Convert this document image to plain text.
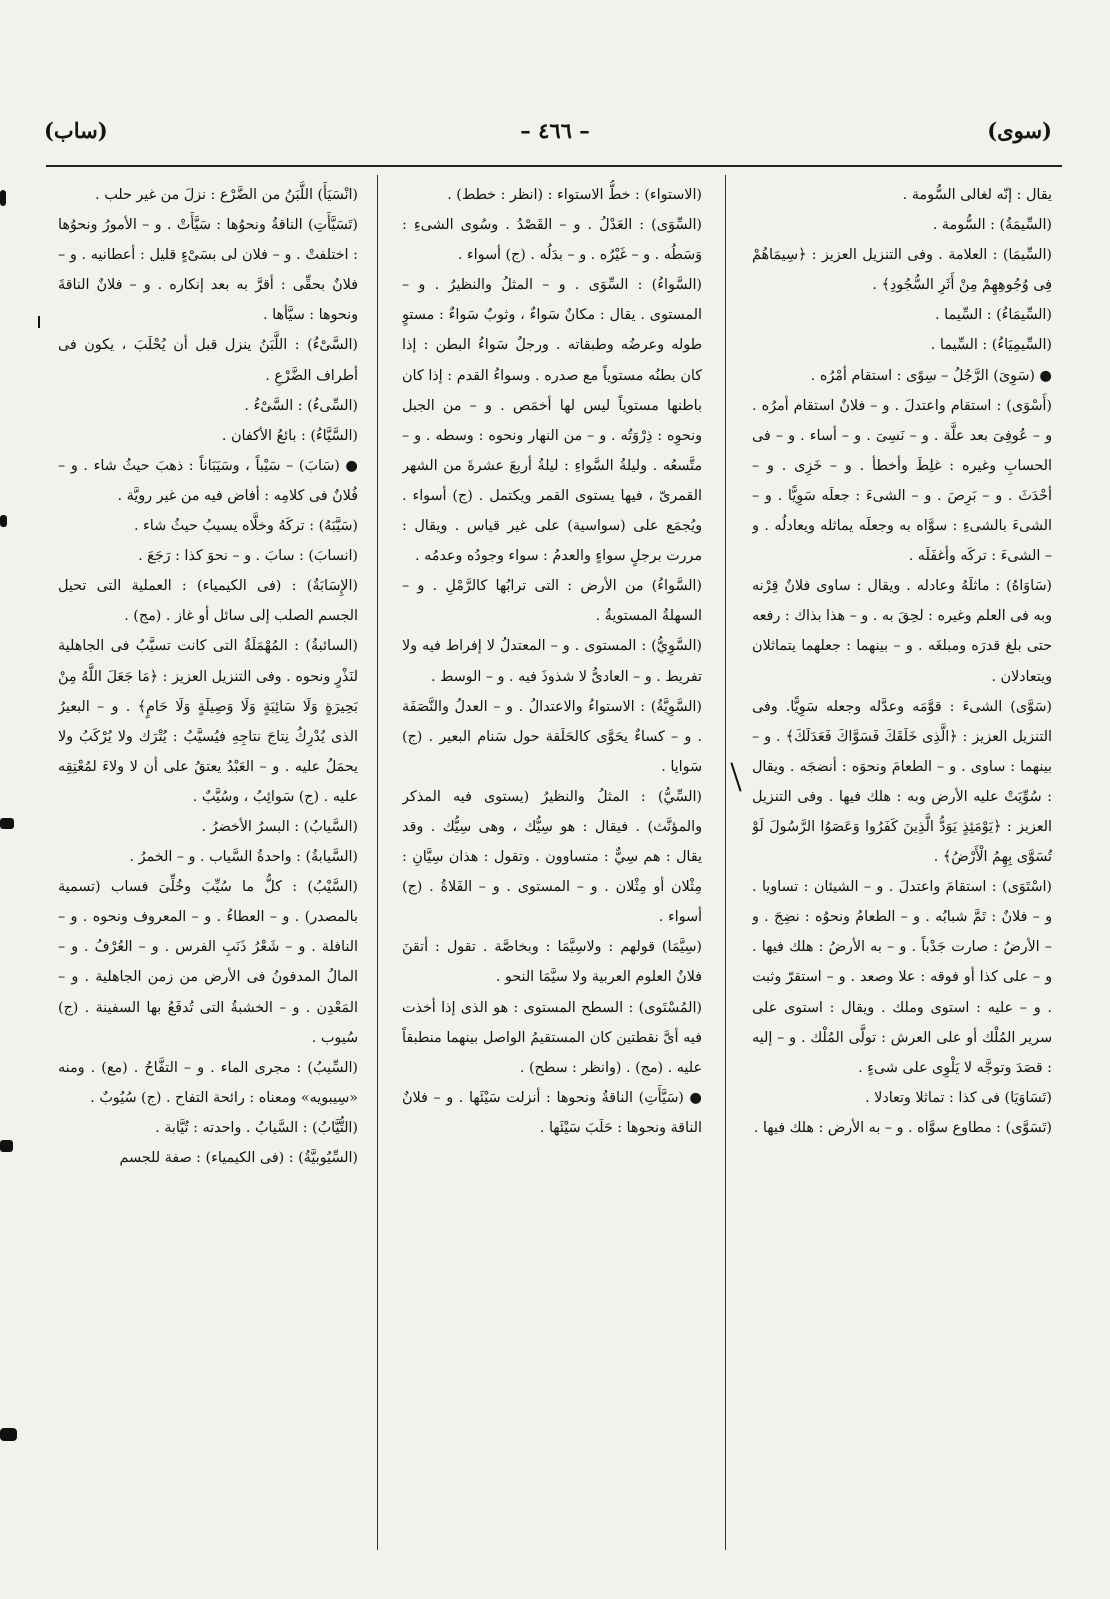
(سوى)
– ٤٦٦ –
(ساب)

يقال : إنّه لغالى السُّومة .

(السِّيمَةُ) : السُّومة .

(السِّيمَا) : العلامة . وفى التنزيل العزيز : ﴿سِيمَاهُمْ فِى وُجُوهِهِمْ مِنْ أَثَرِ السُّجُودِ﴾ .

(السِّيمَاءُ) : السِّيما .

(السِّيمِيَاءُ) : السِّيما .

● (سَوِىَ) الرَّجُلُ – سِوًى : استقام أمْرُه .

(أَسْوَى) : استقام واعتدلَ . و – فلانٌ استقام أمرُه . و – عُوفِىَ بعد علَّة . و – نَسِىَ . و – أساء . و – فى الحسابِ وغيره : غلِطَ وأخطأ . و – خَزِى . و – أحْدَثَ . و – بَرِصَ . و – الشىءَ : جعلَه سَوِيًّا . و – الشىءَ بالشىءِ : سوَّاه به وجعلَه يماثله ويعادلُه . و – الشىءَ : تركَه وأغفَلَه .

(سَاوَاهُ) : ماثلَهُ وعادله . ويقال : ساوى فلانٌ قِرْنه وبه فى العلم وغيره : لحِقَ به . و – هذا بذاك : رفعه حتى بلغ قدرَه ومبلغَه . و – بينهما : جعلهما يتماثلان ويتعادلان .

(سَوَّى) الشىءَ : قوَّمَه وعدَّله وجعله سَوِيًّا. وفى التنزيل العزيز : ﴿الَّذِى خَلَقَكَ فَسَوَّاكَ فَعَدَلَكَ﴾ . و – بينهما : ساوى . و – الطعامَ ونحوَه : أنضجَه . ويقال : سُوِّيَتْ عليه الأرض وبه : هلك فيها . وفى التنزيل العزيز : ﴿يَوْمَئِذٍ يَوَدُّ الَّذِينَ كَفَرُوا وَعَصَوُا الرَّسُولَ لَوْ تُسَوَّى بِهِمُ الْأَرْضُ﴾ .

(اسْتَوَى) : استقامَ واعتدلَ . و – الشيئان : تساويا . و – فلانٌ : تَمَّ شبابُه . و – الطعامُ ونحوُه : نضِجَ . و – الأرضُ : صارت جَدْباً . و – به الأرضُ : هلك فيها . و – على كذا أو فوقه : علا وصعد . و – استقرّ وثبت . و – عليه : استوى وملك . ويقال : استوى على سرير المُلْك أو على العرش : تولَّى المُلْك . و – إليه : قصَدَ وتوجَّه لا يَلْوِى على شىءٍ .

(تَسَاوَيَا) فى كذا : تماثلا وتعادلا .

(تَسَوَّى) : مطاوع سوَّاه . و – به الأرض : هلك فيها .

(الاستواء) : خطُّ الاستواء : (انظر : خطط) .

(السِّوَى) : العَدْلُ . و – القَصْدُ . وسُوى الشىءِ : وَسَطُه . و – غَيْرُه . و – بدَلُه . (ج) أسواء .

(السَّواءُ) : السِّوَى . و – المثلُ والنظيرُ . و – المستوى . يقال : مكانٌ سَواءٌ ، وثوبٌ سَواءٌ : مستوٍ طوله وعرضُه وطبقاته . ورجلٌ سَواءُ البطن : إذا كان بطنُه مستوياً مع صدره . وسواءُ القدم : إذا كان باطنها مستوياً ليس لها أخمَص . و – من الجبل ونحوِه : ذِرْوَتُه . و – من النهار ونحوه : وسطه . و – متَّسعُه . وليلةُ السَّواءِ : ليلةُ أربعَ عشرةَ من الشهر القمرىّ ، فيها يستوى القمر ويكتمل . (ج) أسواء . ويُجمَع على (سواسية) على غير قياس . ويقال : مررت برجلٍ سواءٍ والعدمُ : سواء وجودُه وعدمُه .

(السَّواءُ) من الأرض : التى ترابُها كالرَّمْلِ . و – السهلةُ المستويةُ .

(السَّوِيُّ) : المستوى . و – المعتدلُ لا إفراط فيه ولا تفريط . و – العادىُّ لا شذوذَ فيه . و – الوسط .

(السَّوِيَّةُ) : الاستواءُ والاعتدالُ . و – العدلُ والنَّصَفَة . و – كساءٌ يحَوَّى كالحَلَقة حول سَنام البعير . (ج) سَوايا .

(السِّيُّ) : المثلُ والنظيرُ (يستوى فيه المذكر والمؤنَّث) . فيقال : هو سِيُّك ، وهى سِيُّك . وقد يقال : هم سِيٌّ : متساوون . وتقول : هذان سِيَّانِ : مِثْلان أو مِثْلان . و – المستوى . و – الفَلاةُ . (ج) أسواء .

(سِيَّمَا) قولهم : ولاسِيَّمَا : وبخاصَّة . تقول : أتقنَ فلانٌ العلوم العربية ولا سيَّمَا النحو .

(المُسْتَوى) : السطح المستوى : هو الذى إذا أخذت فيه أىَّ نقطتين كان المستقيمُ الواصل بينهما منطبقاً عليه . (مج) . (وانظر : سطح) .

● (سَيَّأَتِ) الناقةُ ونحوها : أنزلت سَيْئَها . و – فلانٌ الناقة ونحوها : حَلَبَ سَيْئَها .

(انْسَيَأَ) اللَّبَنُ من الضَّرْع : نزلَ من غير حلب .

(تَسَيَّأَتِ) الناقةُ ونحوُها : سَيَّأَتْ . و – الأمورُ ونحوُها : اختلفتْ . و – فلان لى بسَىْءٍ قليل : أعطانيه . و – فلانٌ بحقِّى : أقرَّ به بعد إنكاره . و – فلانٌ الناقةَ ونحوها : سيَّأها .

(السَّىْءُ) : اللَّبَنُ ينزل قبل أن يُحْلَبَ ، يكون فى أطراف الضَّرْعِ .

(السِّىءُ) : السَّىْءُ .

(السَّيَّاءُ) : بائعُ الأكفان .

● (سَابَ) – سَيْباً ، وسَيَبَاناً : ذهبَ حيثُ شاء . و – فُلانٌ فى كلامِه : أفاض فيه من غير رويَّة .

(سَيَّبَهُ) : تركَهُ وخلَّاه يسيبُ حيثُ شاء .

(انسابَ) : سابَ . و – نحوَ كذا : رَجَعَ .

(الإِسَابَةُ) : (فى الكيمياء) : العملية التى تحيل الجسم الصلب إلى سائل أو غاز . (مج) .

(السائبةُ) : المُهْمَلَةُ التى كانت تسيَّبُ فى الجاهلية لنَذْرٍ ونحوه . وفى التنزيل العزيز : ﴿مَا جَعَلَ اللَّهُ مِنْ بَحِيرَةٍ وَلَا سَائِبَةٍ وَلَا وَصِيلَةٍ وَلَا حَامٍ﴾ . و – البعيرُ الذى يُدْرِكُ نِتاجَ نتاجِهِ فيُسيَّبُ : يُتْرَك ولا يُرْكَبُ ولا يحمَلُ عليه . و – العَبْدُ يعتقُ على أن لا ولاءَ لمُعْتِقِه عليه . (ج) سَوائِبُ ، وسُيَّبٌ .

(السَّيابُ) : البسرُ الأخضرُ .

(السَّيابةُ) : واحدةُ السَّياب . و – الخمرُ .

(السَّيْبُ) : كلُّ ما سُيِّبَ وخُلِّىَ فساب (تسمية بالمصدر) . و – العطاءُ . و – المعروف ونحوه . و – النافلة . و – شَعْرُ ذَنَبِ الفرس . و – العُرْفُ . و – المالُ المدفونُ فى الأرض من زمن الجاهلية . و – المَعْدِن . و – الخشبةُ التى تُدفَعُ بها السفينة . (ج) سُيوب .

(السِّيبُ) : مجرى الماء . و – التفَّاحُ . (مع) . ومنه «سِيبويه» ومعناه : رائحة التفاح . (ج) سُيُوبٌ .

(التُّيَّابُ) : السَّيابُ . واحدته : تُيَّابة .

(السِّيُوبيَّةُ) : (فى الكيمياء) : صفة للجسم
